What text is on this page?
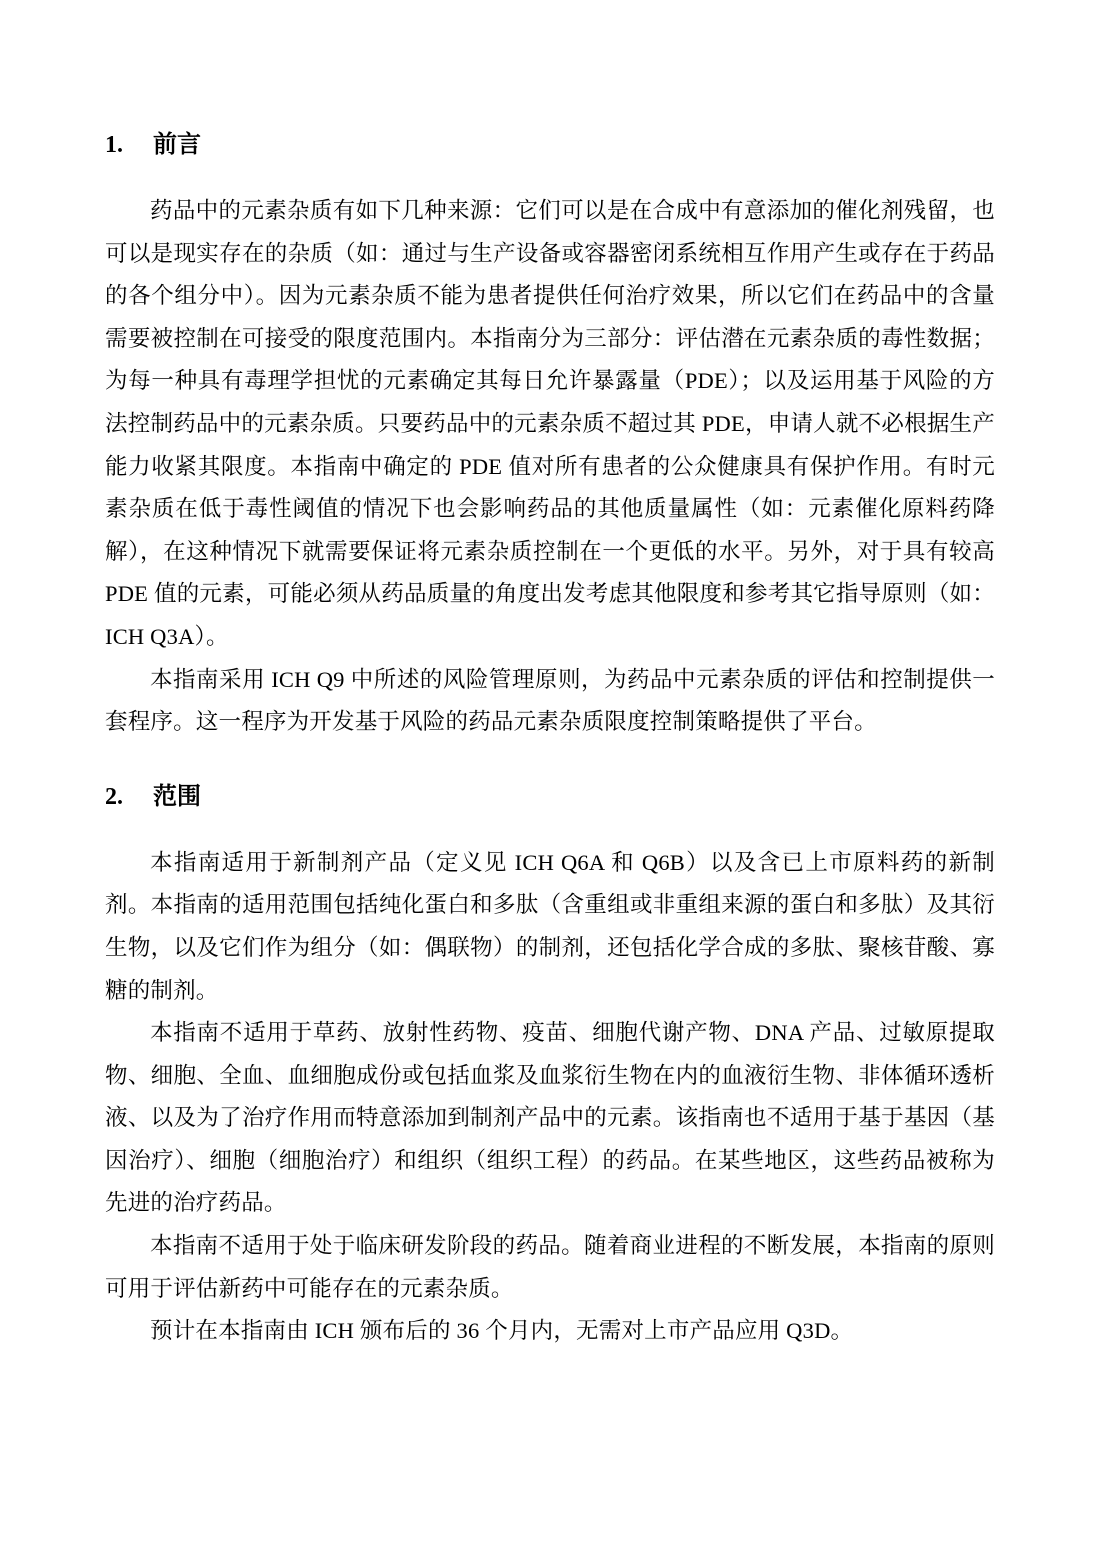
1.	前言

药品中的元素杂质有如下几种来源：它们可以是在合成中有意添加的催化剂残留，也可以是现实存在的杂质（如：通过与生产设备或容器密闭系统相互作用产生或存在于药品的各个组分中）。因为元素杂质不能为患者提供任何治疗效果，所以它们在药品中的含量需要被控制在可接受的限度范围内。本指南分为三部分：评估潜在元素杂质的毒性数据；为每一种具有毒理学担忧的元素确定其每日允许暴露量（PDE）；以及运用基于风险的方法控制药品中的元素杂质。只要药品中的元素杂质不超过其 PDE，申请人就不必根据生产能力收紧其限度。本指南中确定的 PDE 值对所有患者的公众健康具有保护作用。有时元素杂质在低于毒性阈值的情况下也会影响药品的其他质量属性（如：元素催化原料药降解），在这种情况下就需要保证将元素杂质控制在一个更低的水平。另外，对于具有较高 PDE 值的元素，可能必须从药品质量的角度出发考虑其他限度和参考其它指导原则（如：ICH Q3A）。

本指南采用 ICH Q9 中所述的风险管理原则，为药品中元素杂质的评估和控制提供一套程序。这一程序为开发基于风险的药品元素杂质限度控制策略提供了平台。

2.	范围

本指南适用于新制剂产品（定义见 ICH Q6A 和 Q6B）以及含已上市原料药的新制剂。本指南的适用范围包括纯化蛋白和多肽（含重组或非重组来源的蛋白和多肽）及其衍生物，以及它们作为组分（如：偶联物）的制剂，还包括化学合成的多肽、聚核苷酸、寡糖的制剂。

本指南不适用于草药、放射性药物、疫苗、细胞代谢产物、DNA 产品、过敏原提取物、细胞、全血、血细胞成份或包括血浆及血浆衍生物在内的血液衍生物、非体循环透析液、以及为了治疗作用而特意添加到制剂产品中的元素。该指南也不适用于基于基因（基因治疗）、细胞（细胞治疗）和组织（组织工程）的药品。在某些地区，这些药品被称为先进的治疗药品。

本指南不适用于处于临床研发阶段的药品。随着商业进程的不断发展，本指南的原则可用于评估新药中可能存在的元素杂质。

预计在本指南由 ICH 颁布后的 36 个月内，无需对上市产品应用 Q3D。
